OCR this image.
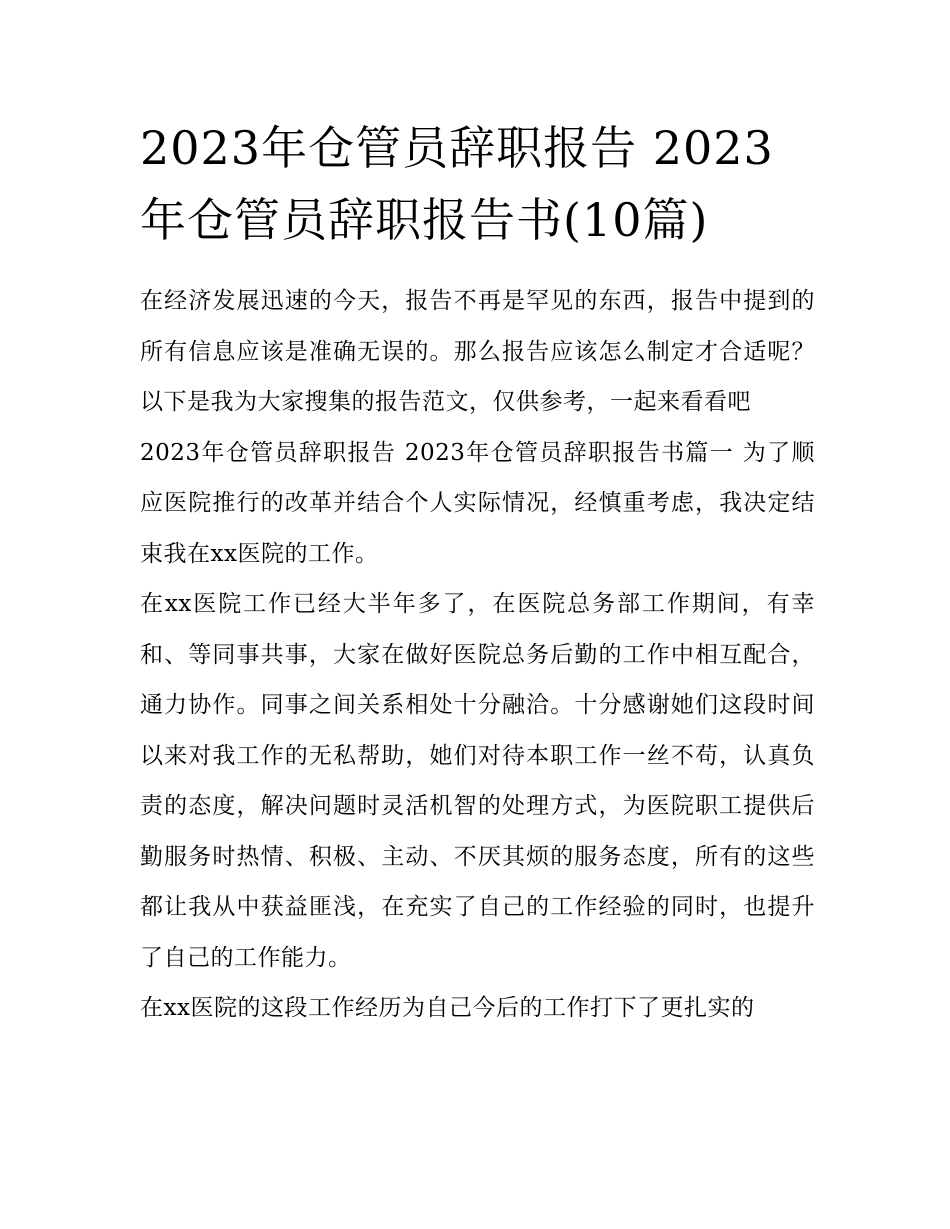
2023年仓管员辞职报告 2023年仓管员辞职报告书(10篇)

在经济发展迅速的今天，报告不再是罕见的东西，报告中提到的所有信息应该是准确无误的。那么报告应该怎么制定才合适呢？以下是我为大家搜集的报告范文，仅供参考，一起来看看吧

2023年仓管员辞职报告 2023年仓管员辞职报告书篇一 为了顺应医院推行的改革并结合个人实际情况，经慎重考虑，我决定结束我在xx医院的工作。

在xx医院工作已经大半年多了，在医院总务部工作期间，有幸和、等同事共事，大家在做好医院总务后勤的工作中相互配合，通力协作。同事之间关系相处十分融洽。十分感谢她们这段时间以来对我工作的无私帮助，她们对待本职工作一丝不苟，认真负责的态度，解决问题时灵活机智的处理方式，为医院职工提供后勤服务时热情、积极、主动、不厌其烦的服务态度，所有的这些都让我从中获益匪浅，在充实了自己的工作经验的同时，也提升了自己的工作能力。

在xx医院的这段工作经历为自己今后的工作打下了更扎实的
